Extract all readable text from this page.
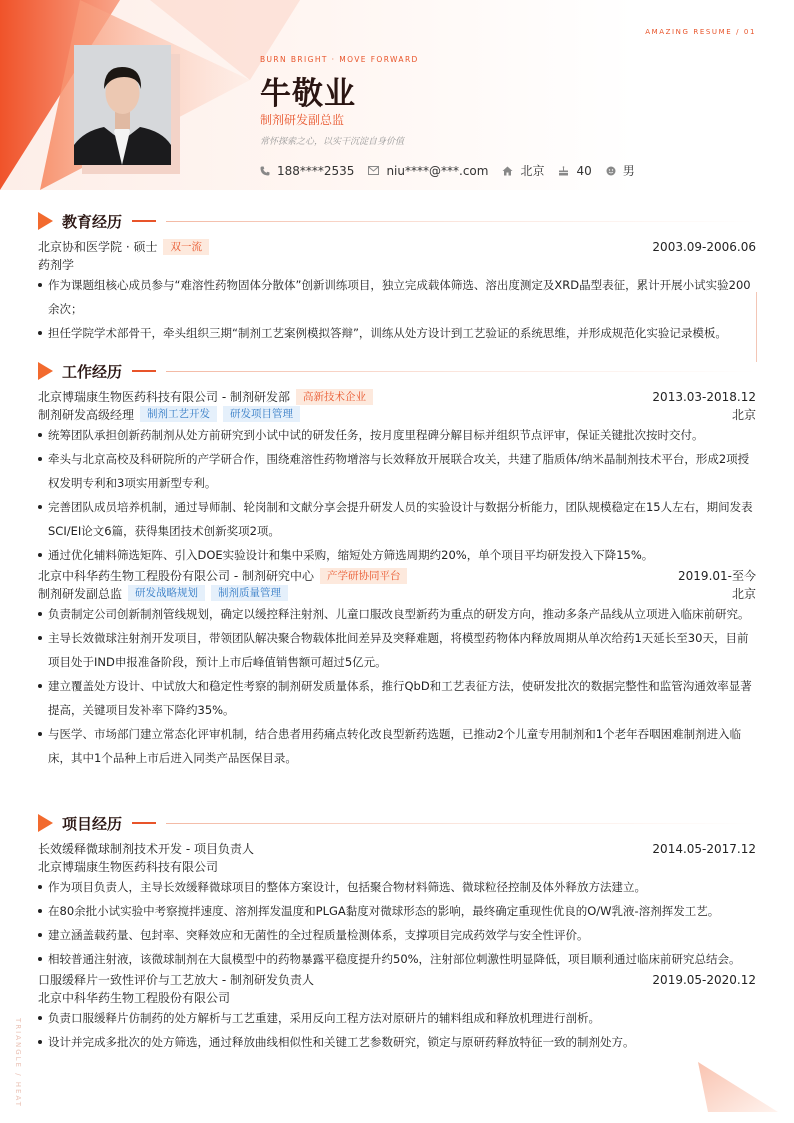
AMAZING RESUME / 01
BURN BRIGHT · MOVE FORWARD
牛敬业
制剂研发副总监
常怀探索之心，以实干沉淀自身价值
188****2535	niu****@***.com	北京	40	男
教育经历
北京协和医学院 · 硕士	双一流	2003.09-2006.06
药剂学
作为课题组核心成员参与“难溶性药物固体分散体”创新训练项目，独立完成载体筛选、溶出度测定及XRD晶型表征，累计开展小试实验200余次；
担任学院学术部骨干，牵头组织三期“制剂工艺案例模拟答辩”，训练从处方设计到工艺验证的系统思维，并形成规范化实验记录模板。
工作经历
北京博瑞康生物医药科技有限公司 - 制剂研发部	高新技术企业	2013.03-2018.12
制剂研发高级经理	制剂工艺开发	研发项目管理	北京
统筹团队承担创新药制剂从处方前研究到小试中试的研发任务，按月度里程碑分解目标并组织节点评审，保证关键批次按时交付。
牵头与北京高校及科研院所的产学研合作，围绕难溶性药物增溶与长效释放开展联合攻关，共建了脂质体/纳米晶制剂技术平台，形成2项授权发明专利和3项实用新型专利。
完善团队成员培养机制，通过导师制、轮岗制和文献分享会提升研发人员的实验设计与数据分析能力，团队规模稳定在15人左右，期间发表SCI/EI论文6篇，获得集团技术创新奖项2项。
通过优化辅料筛选矩阵、引入DOE实验设计和集中采购，缩短处方筛选周期约20%，单个项目平均研发投入下降15%。
北京中科华药生物工程股份有限公司 - 制剂研究中心	产学研协同平台	2019.01-至今
制剂研发副总监	研发战略规划	制剂质量管理	北京
负责制定公司创新制剂管线规划，确定以缓控释注射剂、儿童口服改良型新药为重点的研发方向，推动多条产品线从立项进入临床前研究。
主导长效微球注射剂开发项目，带领团队解决聚合物载体批间差异及突释难题，将模型药物体内释放周期从单次给药1天延长至30天，目前项目处于IND申报准备阶段，预计上市后峰值销售额可超过5亿元。
建立覆盖处方设计、中试放大和稳定性考察的制剂研发质量体系，推行QbD和工艺表征方法，使研发批次的数据完整性和监管沟通效率显著提高，关键项目发补率下降约35%。
与医学、市场部门建立常态化评审机制，结合患者用药痛点转化改良型新药选题，已推动2个儿童专用制剂和1个老年吞咽困难制剂进入临床，其中1个品种上市后进入同类产品医保目录。
项目经历
长效缓释微球制剂技术开发 - 项目负责人	2014.05-2017.12
北京博瑞康生物医药科技有限公司
作为项目负责人，主导长效缓释微球项目的整体方案设计，包括聚合物材料筛选、微球粒径控制及体外释放方法建立。
在80余批小试实验中考察搅拌速度、溶剂挥发温度和PLGA黏度对微球形态的影响，最终确定重现性优良的O/W乳液-溶剂挥发工艺。
建立涵盖载药量、包封率、突释效应和无菌性的全过程质量检测体系，支撑项目完成药效学与安全性评价。
相较普通注射液，该微球制剂在大鼠模型中的药物暴露平稳度提升约50%，注射部位刺激性明显降低，项目顺利通过临床前研究总结会。
口服缓释片一致性评价与工艺放大 - 制剂研发负责人	2019.05-2020.12
北京中科华药生物工程股份有限公司
负责口服缓释片仿制药的处方解析与工艺重建，采用反向工程方法对原研片的辅料组成和释放机理进行剖析。
设计并完成多批次的处方筛选，通过释放曲线相似性和关键工艺参数研究，锁定与原研药释放特征一致的制剂处方。
TRIANGLE / HEAT
